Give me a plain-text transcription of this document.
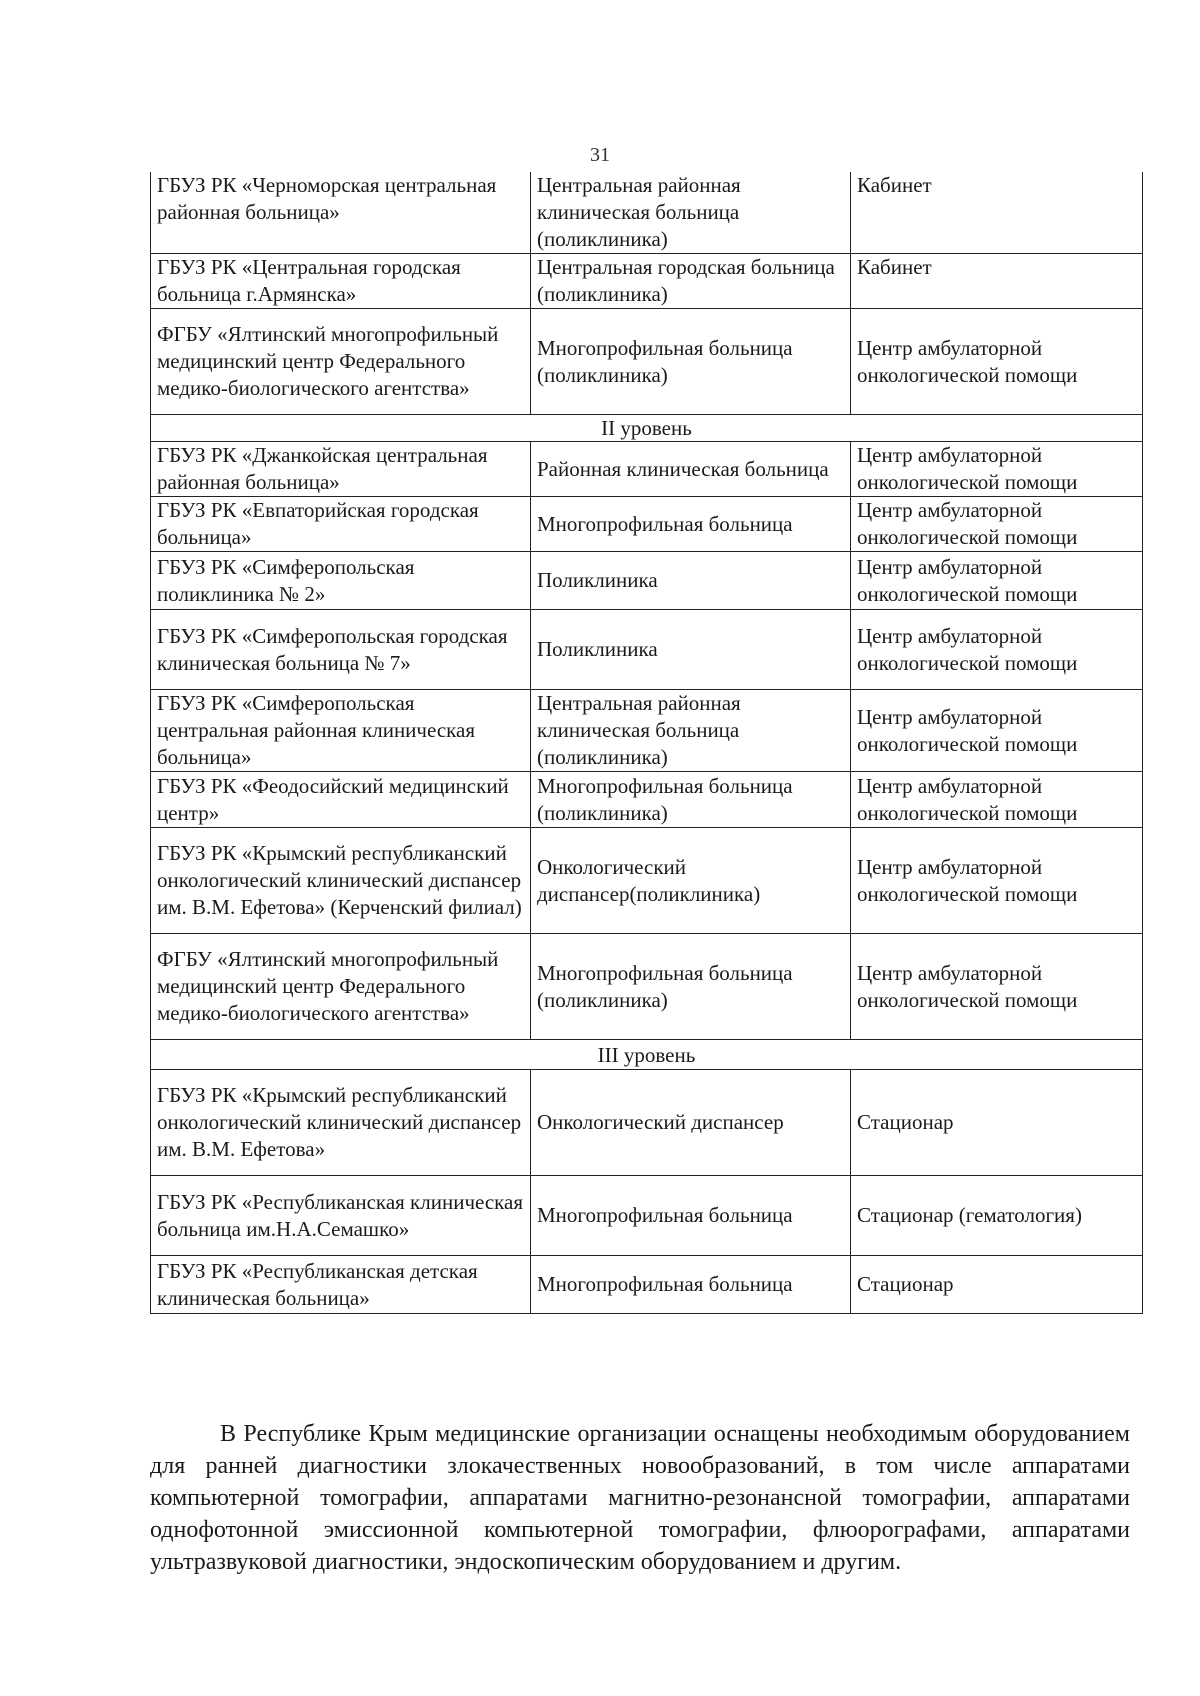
31
ГБУЗ РК «Черноморская центральная районная больница»	Центральная районная клиническая больница (поликлиника)	Кабинет
ГБУЗ РК «Центральная городская больница г.Армянска»	Центральная городская больница (поликлиника)	Кабинет
ФГБУ «Ялтинский многопрофильный медицинский центр Федерального медико-биологического агентства»	Многопрофильная больница (поликлиника)	Центр амбулаторной онкологической помощи
II уровень		
ГБУЗ РК «Джанкойская центральная районная больница»	Районная клиническая больница	Центр амбулаторной онкологической помощи
ГБУЗ РК «Евпаторийская городская больница»	Многопрофильная больница	Центр амбулаторной онкологической помощи
ГБУЗ РК «Симферопольская поликлиника № 2»	Поликлиника	Центр амбулаторной онкологической помощи
ГБУЗ РК «Симферопольская городская клиническая больница № 7»	Поликлиника	Центр амбулаторной онкологической помощи
ГБУЗ РК «Симферопольская центральная районная клиническая больница»	Центральная районная клиническая больница (поликлиника)	Центр амбулаторной онкологической помощи
ГБУЗ РК «Феодосийский медицинский центр»	Многопрофильная больница (поликлиника)	Центр амбулаторной онкологической помощи
ГБУЗ РК «Крымский республиканский онкологический клинический диспансер им. В.М. Ефетова» (Керченский филиал)	Онкологический диспансер(поликлиника)	Центр амбулаторной онкологической помощи
ФГБУ «Ялтинский многопрофильный медицинский центр Федерального медико-биологического агентства»	Многопрофильная больница (поликлиника)	Центр амбулаторной онкологической помощи
III уровень		
ГБУЗ РК «Крымский республиканский онкологический клинический диспансер им. В.М. Ефетова»	Онкологический диспансер	Стационар
ГБУЗ РК «Республиканская клиническая больница им.Н.А.Семашко»	Многопрофильная больница	Стационар (гематология)
ГБУЗ РК «Республиканская детская клиническая больница»	Многопрофильная больница	Стационар

В Республике Крым медицинские организации оснащены необходимым оборудованием для ранней диагностики злокачественных новообразований, в том числе аппаратами компьютерной томографии, аппаратами магнитно-резонансной томографии, аппаратами однофотонной эмиссионной компьютерной томографии, флюорографами, аппаратами ультразвуковой диагностики, эндоскопическим оборудованием и другим.
